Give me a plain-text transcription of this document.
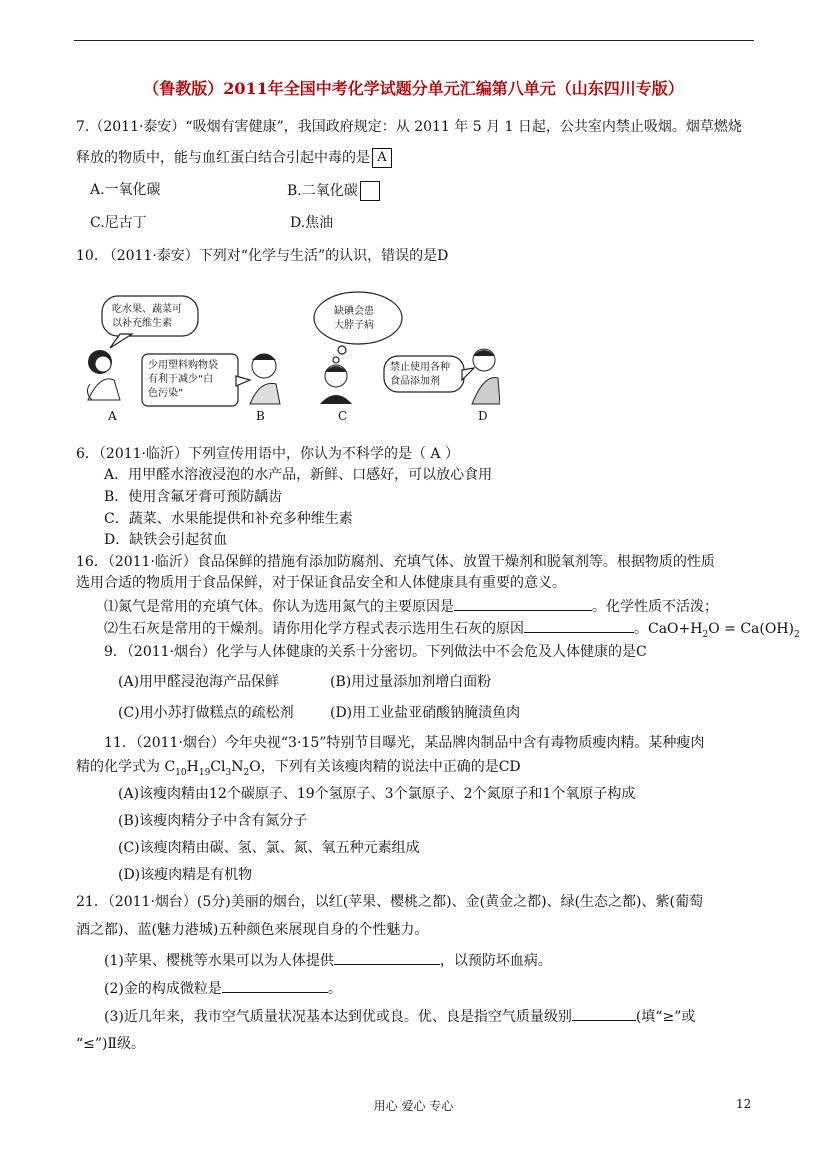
（鲁教版）2011年全国中考化学试题分单元汇编第八单元（山东四川专版）
7.（2011·泰安）“吸烟有害健康”，我国政府规定：从 2011 年 5 月 1 日起，公共室内禁止吸烟。烟草燃烧
释放的物质中，能与血红蛋白结合引起中毒的是 A
A.一氧化碳	B.二氧化碳
C.尼古丁	D.焦油
10. （2011·泰安）下列对“化学与生活”的认识，错误的是D
吃水果、蔬菜可
以补充维生素
少用塑料购物袋
有利于减少“白
色污染”
缺碘会患
大脖子病
禁止使用各种
食品添加剂
A	B	C	D
6．（2011·临沂）下列宣传用语中，你认为不科学的是（ A ）
A．用甲醛水溶液浸泡的水产品，新鲜、口感好，可以放心食用
B．使用含氟牙膏可预防龋齿
C．蔬菜、水果能提供和补充多种维生素
D．缺铁会引起贫血
16．（2011·临沂）食品保鲜的措施有添加防腐剂、充填气体、放置干燥剂和脱氧剂等。根据物质的性质
选用合适的物质用于食品保鲜，对于保证食品安全和人体健康具有重要的意义。
⑴氮气是常用的充填气体。你认为选用氮气的主要原因是	。化学性质不活泼；
⑵生石灰是常用的干燥剂。请你用化学方程式表示选用生石灰的原因	。$CaO+H_2O = Ca(OH)_2$
9．（2011·烟台）化学与人体健康的关系十分密切。下列做法中不会危及人体健康的是C
(A)用甲醛浸泡海产品保鲜	(B)用过量添加剂增白面粉
(C)用小苏打做糕点的疏松剂	(D)用工业盐亚硝酸钠腌渍鱼肉
11．（2011·烟台）今年央视“3·15”特别节目曝光，某品牌肉制品中含有毒物质瘦肉精。某种瘦肉
精的化学式为 $C_{10}H_{19}Cl_3N_2O$，下列有关该瘦肉精的说法中正确的是CD
(A)该瘦肉精由12个碳原子、19个氢原子、3个氯原子、2个氮原子和1个氧原子构成
(B)该瘦肉精分子中含有氮分子
(C)该瘦肉精由碳、氢、氯、氮、氧五种元素组成
(D)该瘦肉精是有机物
21．（2011·烟台）(5分)美丽的烟台，以红(苹果、樱桃之都)、金(黄金之都)、绿(生态之都)、紫(葡萄
酒之都)、蓝(魅力港城)五种颜色来展现自身的个性魅力。
(1)苹果、樱桃等水果可以为人体提供	，以预防坏血病。
(2)金的构成微粒是	。
(3)近几年来，我市空气质量状况基本达到优或良。优、良是指空气质量级别	(填“≥”或
“≤”)Ⅱ级。
用心 爱心 专心	12
